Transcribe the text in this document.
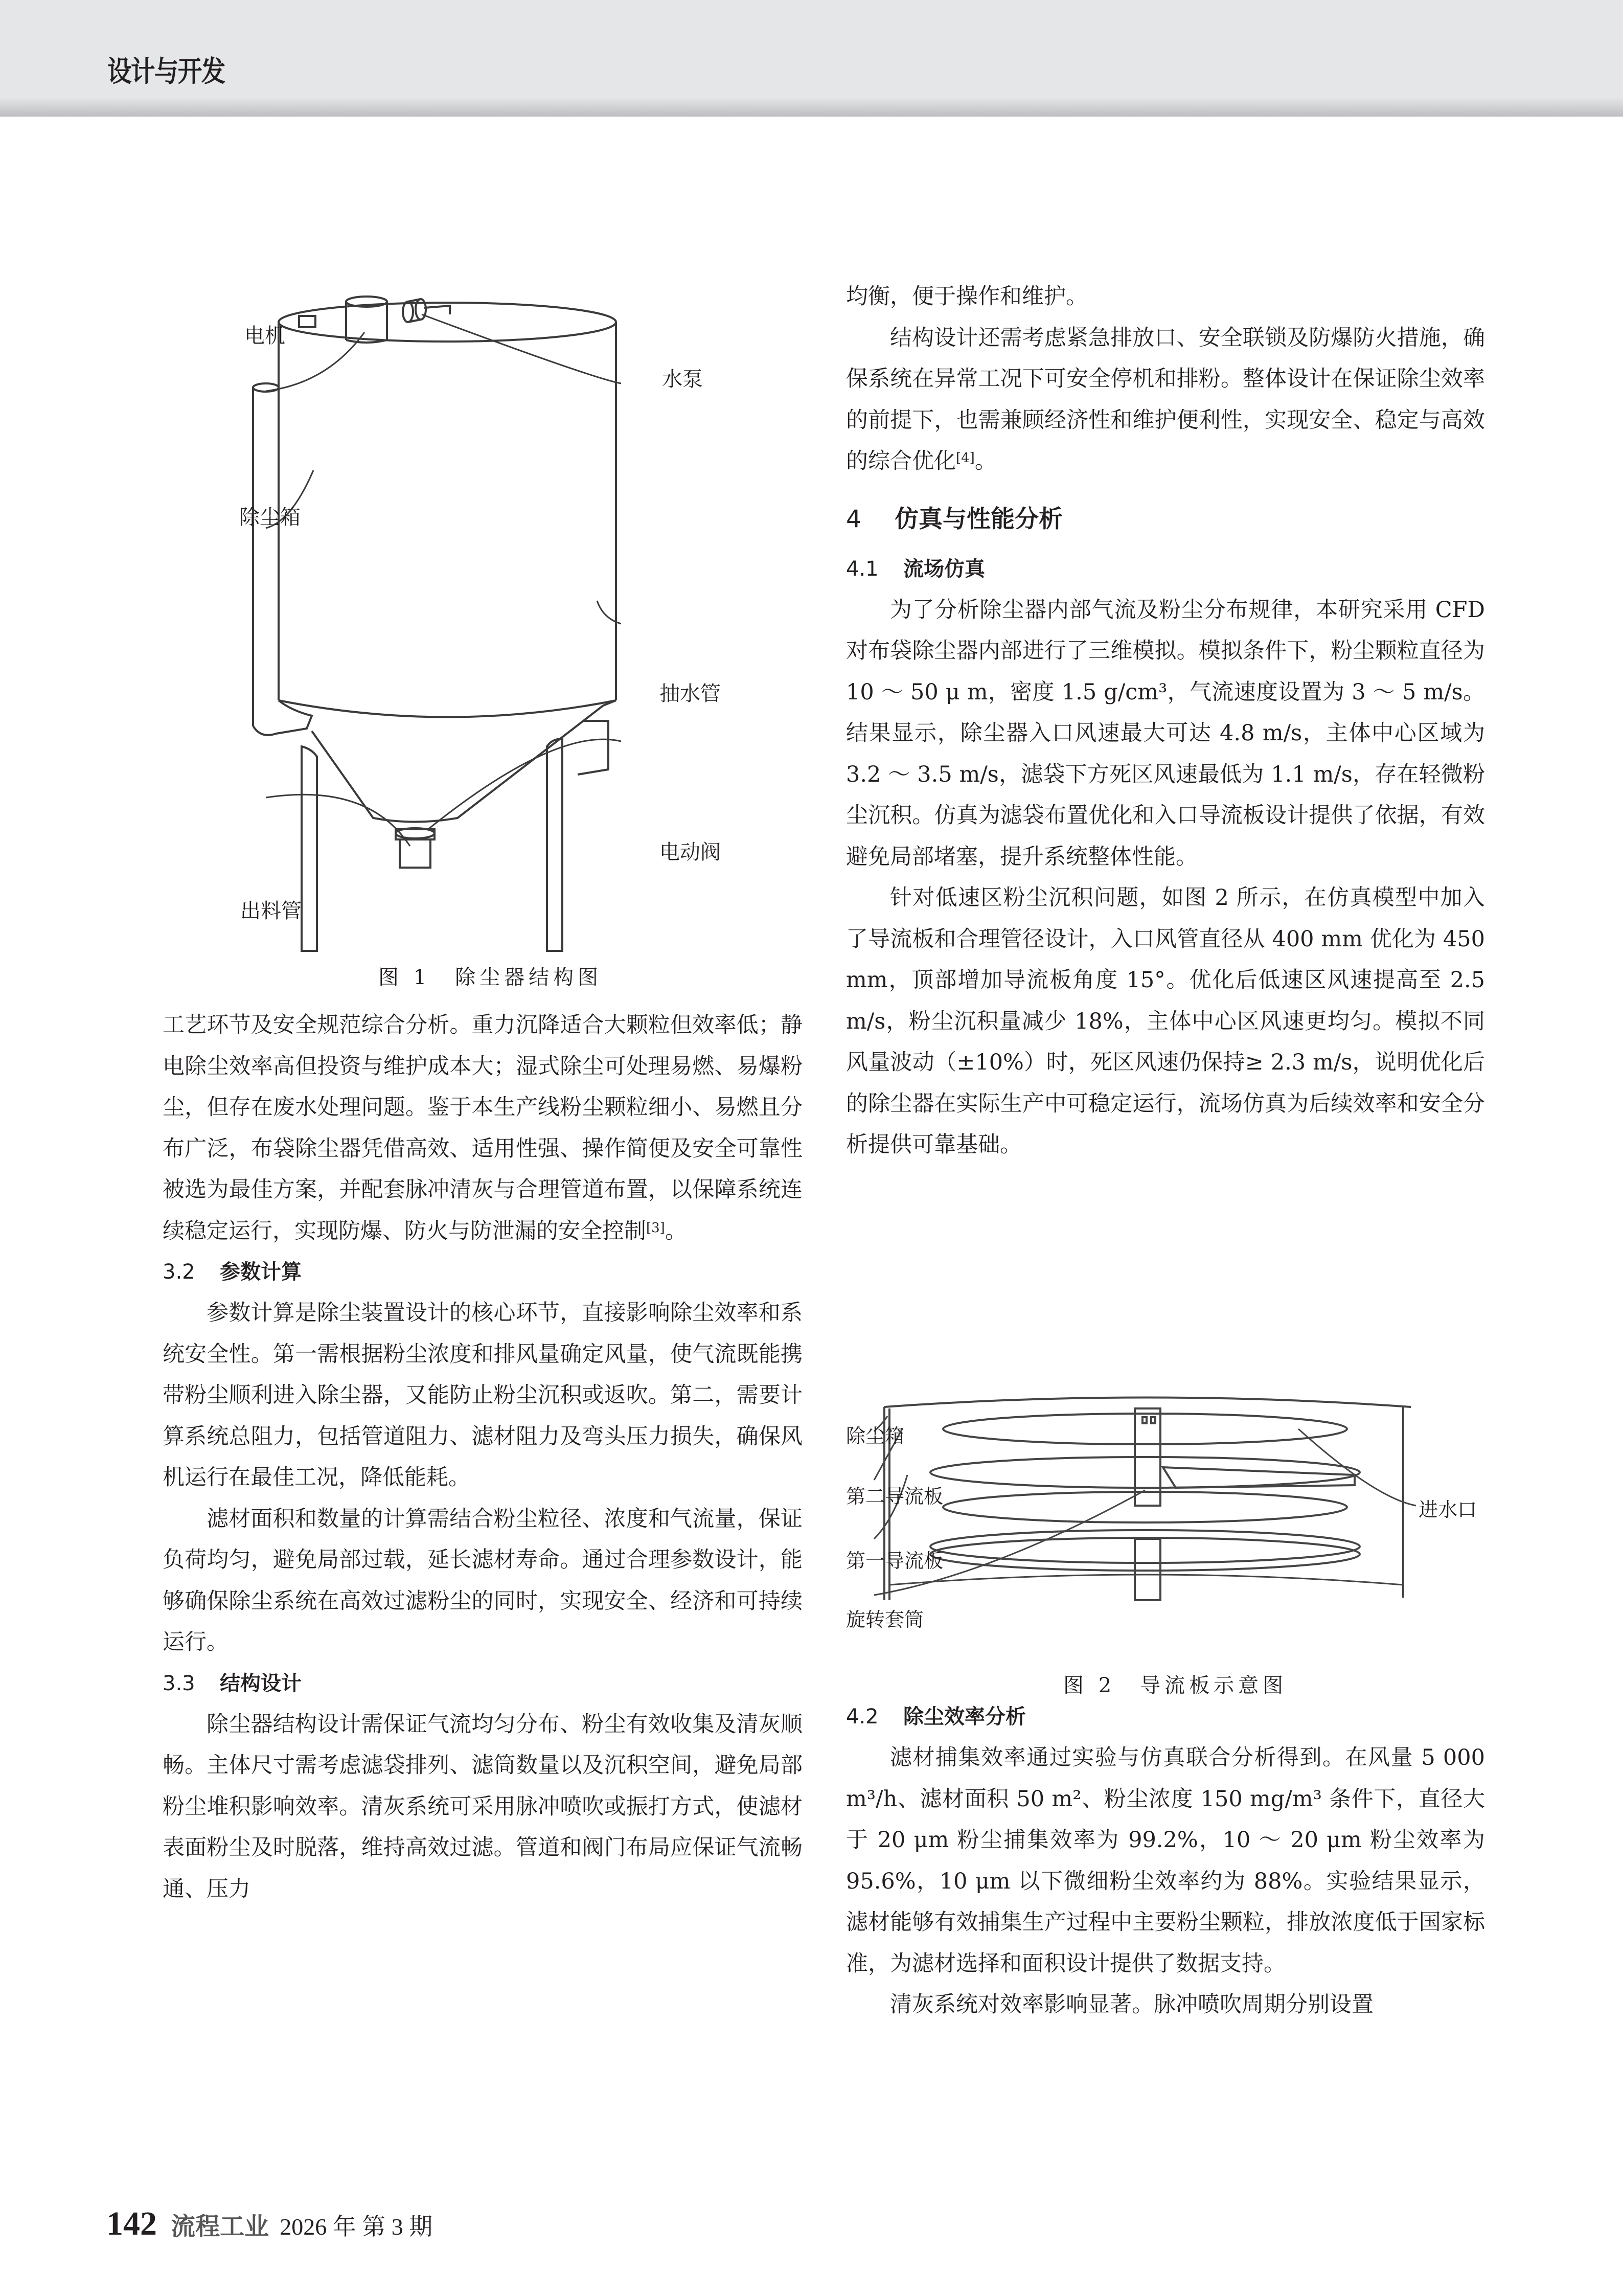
设计与开发
电机
水泵
除尘箱
抽水管
电动阀
出料管
图 1　除尘器结构图

工艺环节及安全规范综合分析。重力沉降适合大颗粒但效率低；静电除尘效率高但投资与维护成本大；湿式除尘可处理易燃、易爆粉尘，但存在废水处理问题。鉴于本生产线粉尘颗粒细小、易燃且分布广泛，布袋除尘器凭借高效、适用性强、操作简便及安全可靠性被选为最佳方案，并配套脉冲清灰与合理管道布置，以保障系统连续稳定运行，实现防爆、防火与防泄漏的安全控制[3]。

3.2 参数计算

参数计算是除尘装置设计的核心环节，直接影响除尘效率和系统安全性。第一需根据粉尘浓度和排风量确定风量，使气流既能携带粉尘顺利进入除尘器，又能防止粉尘沉积或返吹。第二，需要计算系统总阻力，包括管道阻力、滤材阻力及弯头压力损失，确保风机运行在最佳工况，降低能耗。

滤材面积和数量的计算需结合粉尘粒径、浓度和气流量，保证负荷均匀，避免局部过载，延长滤材寿命。通过合理参数设计，能够确保除尘系统在高效过滤粉尘的同时，实现安全、经济和可持续运行。

3.3 结构设计

除尘器结构设计需保证气流均匀分布、粉尘有效收集及清灰顺畅。主体尺寸需考虑滤袋排列、滤筒数量以及沉积空间，避免局部粉尘堆积影响效率。清灰系统可采用脉冲喷吹或振打方式，使滤材表面粉尘及时脱落，维持高效过滤。管道和阀门布局应保证气流畅通、压力

均衡，便于操作和维护。

结构设计还需考虑紧急排放口、安全联锁及防爆防火措施，确保系统在异常工况下可安全停机和排粉。整体设计在保证除尘效率的前提下，也需兼顾经济性和维护便利性，实现安全、稳定与高效的综合优化[4]。

4 仿真与性能分析
4.1 流场仿真

为了分析除尘器内部气流及粉尘分布规律，本研究采用 CFD 对布袋除尘器内部进行了三维模拟。模拟条件下，粉尘颗粒直径为 10 ～ 50 μ m，密度 1.5 g/cm³，气流速度设置为 3 ～ 5 m/s。结果显示，除尘器入口风速最大可达 4.8 m/s，主体中心区域为 3.2 ～ 3.5 m/s，滤袋下方死区风速最低为 1.1 m/s，存在轻微粉尘沉积。仿真为滤袋布置优化和入口导流板设计提供了依据，有效避免局部堵塞，提升系统整体性能。

针对低速区粉尘沉积问题，如图 2 所示，在仿真模型中加入了导流板和合理管径设计，入口风管直径从 400 mm 优化为 450 mm，顶部增加导流板角度 15°。优化后低速区风速提高至 2.5 m/s，粉尘沉积量减少 18%，主体中心区风速更均匀。模拟不同风量波动（±10%）时，死区风速仍保持≥ 2.3 m/s，说明优化后的除尘器在实际生产中可稳定运行，流场仿真为后续效率和安全分析提供可靠基础。

除尘箱
第二导流板
第一导流板
旋转套筒
进水口
图 2　导流板示意图
4.2 除尘效率分析

滤材捕集效率通过实验与仿真联合分析得到。在风量 5 000 m³/h、滤材面积 50 m²、粉尘浓度 150 mg/m³ 条件下，直径大于 20 μm 粉尘捕集效率为 99.2%，10 ～ 20 μm 粉尘效率为 95.6%，10 μm 以下微细粉尘效率约为 88%。实验结果显示，滤材能够有效捕集生产过程中主要粉尘颗粒，排放浓度低于国家标准，为滤材选择和面积设计提供了数据支持。

清灰系统对效率影响显著。脉冲喷吹周期分别设置

142 流程工业 2026 年 第 3 期
